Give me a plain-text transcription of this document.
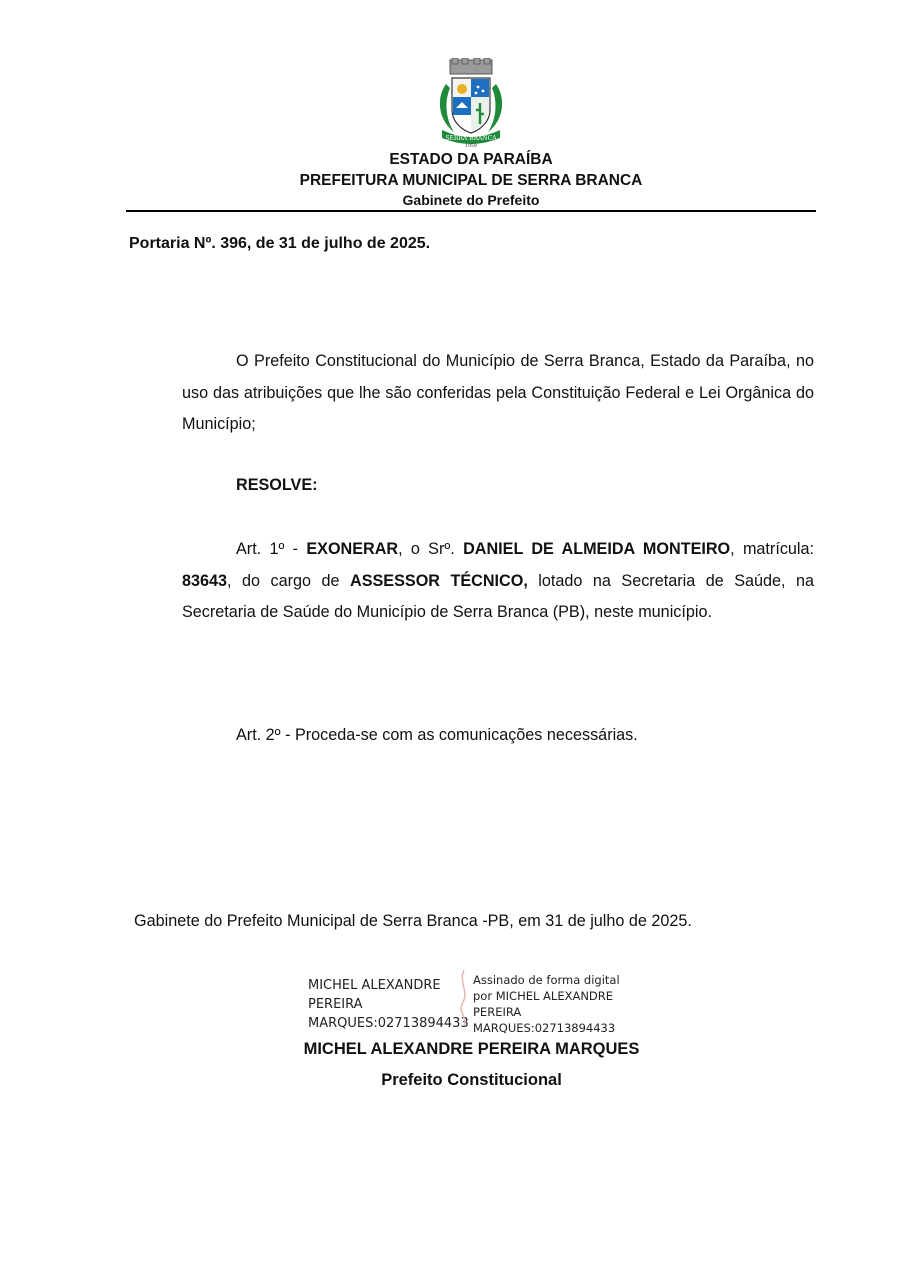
SERRA BRANCA
1959
ESTADO DA PARAÍBA
PREFEITURA MUNICIPAL DE SERRA BRANCA
Gabinete do Prefeito
Portaria Nº. 396, de 31 de julho de 2025.
O Prefeito Constitucional do Município de Serra Branca, Estado da Paraíba, no uso das atribuições que lhe são conferidas pela Constituição Federal e Lei Orgânica do Município;
RESOLVE:
Art. 1º - EXONERAR, o Srº. DANIEL DE ALMEIDA MONTEIRO, matrícula: 83643, do cargo de ASSESSOR TÉCNICO, lotado na Secretaria de Saúde, na Secretaria de Saúde do Município de Serra Branca (PB), neste município.
Art. 2º - Proceda-se com as comunicações necessárias.
Gabinete do Prefeito Municipal de Serra Branca -PB, em 31 de julho de 2025.
MICHEL ALEXANDRE
PEREIRA
MARQUES:02713894433
Assinado de forma digital
por MICHEL ALEXANDRE
PEREIRA
MARQUES:02713894433
MICHEL ALEXANDRE PEREIRA MARQUES
Prefeito Constitucional
